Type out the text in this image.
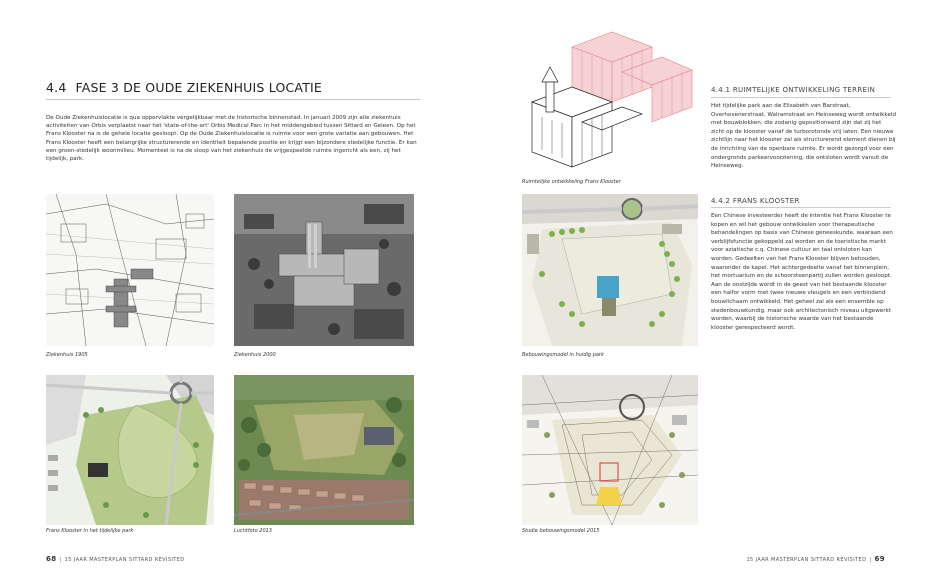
4.4 FASE 3 DE OUDE ZIEKENHUIS LOCATIE

De Oude Ziekenhuislocatie is qua oppervlakte vergelijkbaar met de historische binnenstad. In januari 2009 zijn alle ziekenhuis activiteiten van Orbis verplaatst naar het 'state-of-the-art' Orbis Medical Parc in het middengebied tussen Sittard en Geleen. Op het Frans Klooster na is de gehele locatie gesloopt. Op de Oude Ziekenhuislocatie is ruimte voor een grote variatie aan gebouwen. Het Frans Klooster heeft een belangrijke structurerende en identiteit bepalende positie en krijgt een bijzondere stedelijke functie. Er kan een groen-stedelijk woonmilieu. Momenteel is na de sloop van het ziekenhuis de vrijgespeelde ruimte ingericht als een, zij het tijdelijk, park.

Ziekenhuis 1905	Ziekenhuis 2000
Frans Klooster in het tijdelijke park	Luchtfoto 2013
68 | 15 JAAR MASTERPLAN SITTARD REVISITED
Ruimtelijke ontwikkeling Frans Klooster
Bebouwingsmodel in huidig park
Studie bebouwingsmodel 2015
4.4.1 RUIMTELIJKE ONTWIKKELING TERREIN

Het tijdelijke park aan de Elisabeth van Barstraat, Overhovenerstraat, Walramstraat en Heinseweg wordt ontwikkeld met bouwblokken, die zodanig gepositioneerd zijn dat zij het zicht op de klooster vanaf de turborotonde vrij laten. Een nieuwe zichtlijn naar het klooster zal als structurerend element dienen bij de inrichting van de openbare ruimte. Er wordt gezorgd voor een ondergronds parkeervoorziening, die ontsloten wordt vanuit de Heinseweg.

4.4.2 FRANS KLOOSTER

Een Chinese investeerder heeft de intentie het Frans Klooster te kopen en wil het gebouw ontwikkelen voor therapeutische behandelingen op basis van Chinese geneeskunde, waaraan een verblijfsfunctie gekoppeld zal worden en de toeristische markt voor aziatische c.q. Chinese cultuur en taal ontsloten kan worden. Gedeelten van het Frans Klooster blijven behouden, waaronder de kapel. Het achtergedeelte vanaf het binnenplein, het mortuarium en de schoorsteenpartij zullen worden gesloopt. Aan de oostzijde wordt in de geest van het bestaande klooster een halfor vorm met twee nieuwe vleugels en een verbindend bouwlichaam ontwikkeld. Het geheel zal als een ensemble op stedenbouwkundig, maar ook architectonisch niveau uitgewerkt worden, waarbij de historische waarde van het bestaande klooster gerespecteerd wordt.

15 JAAR MASTERPLAN SITTARD REVISITED | 69
